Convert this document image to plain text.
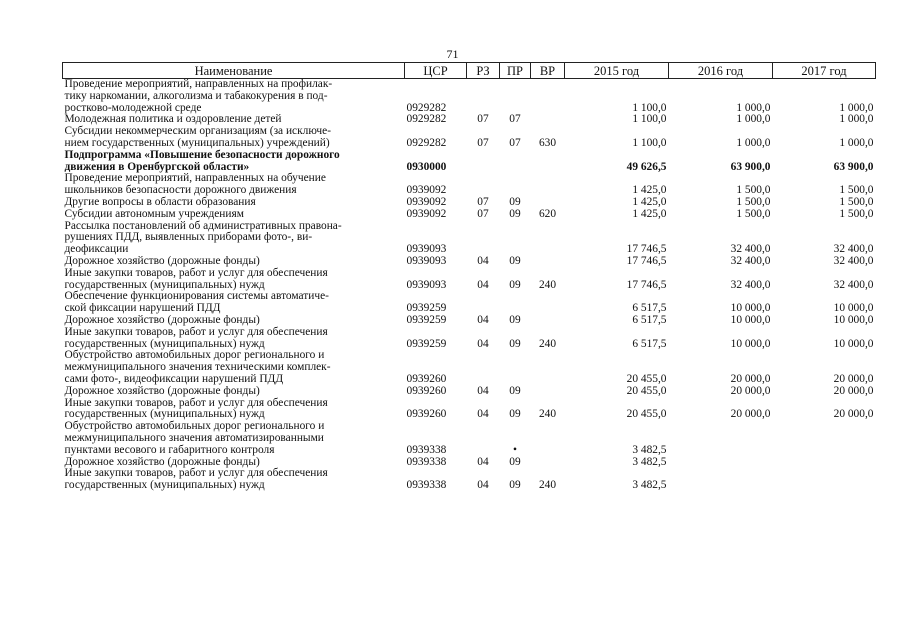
71
Наименование	ЦСР	РЗ	ПР	ВР	2015 год	2016 год	2017 год

Проведение мероприятий, направленных на профилак-
тику наркомании, алкоголизма и табакокурения в под-
ростково-молодежной среде	0929282				1 100,0	1 000,0	1 000,0

Молодежная политика и оздоровление детей	0929282	07	07		1 100,0	1 000,0	1 000,0

Субсидии некоммерческим организациям (за исключе-
нием государственных (муниципальных) учреждений)	0929282	07	07	630	1 100,0	1 000,0	1 000,0

Подпрограмма «Повышение безопасности дорожного
движения в Оренбургской области»	0930000				49 626,5	63 900,0	63 900,0

Проведение мероприятий, направленных на обучение
школьников безопасности дорожного движения	0939092				1 425,0	1 500,0	1 500,0

Другие вопросы в области образования	0939092	07	09		1 425,0	1 500,0	1 500,0

Субсидии автономным учреждениям	0939092	07	09	620	1 425,0	1 500,0	1 500,0

Рассылка постановлений об административных правона-
рушениях ПДД, выявленных приборами фото-, ви-
деофиксации	0939093				17 746,5	32 400,0	32 400,0

Дорожное хозяйство (дорожные фонды)	0939093	04	09		17 746,5	32 400,0	32 400,0

Иные закупки товаров, работ и услуг для обеспечения
государственных (муниципальных) нужд	0939093	04	09	240	17 746,5	32 400,0	32 400,0

Обеспечение функционирования системы автоматиче-
ской фиксации нарушений ПДД	0939259				6 517,5	10 000,0	10 000,0

Дорожное хозяйство (дорожные фонды)	0939259	04	09		6 517,5	10 000,0	10 000,0

Иные закупки товаров, работ и услуг для обеспечения
государственных (муниципальных) нужд	0939259	04	09	240	6 517,5	10 000,0	10 000,0

Обустройство автомобильных дорог регионального и
межмуниципального значения техническими комплек-
сами фото-, видеофиксации нарушений ПДД	0939260				20 455,0	20 000,0	20 000,0

Дорожное хозяйство (дорожные фонды)	0939260	04	09		20 455,0	20 000,0	20 000,0

Иные закупки товаров, работ и услуг для обеспечения
государственных (муниципальных) нужд	0939260	04	09	240	20 455,0	20 000,0	20 000,0

Обустройство автомобильных дорог регионального и
межмуниципального значения автоматизированными
пунктами весового и габаритного контроля	0939338		•		3 482,5		

Дорожное хозяйство (дорожные фонды)	0939338	04	09		3 482,5		

Иные закупки товаров, работ и услуг для обеспечения
государственных (муниципальных) нужд	0939338	04	09	240	3 482,5		
